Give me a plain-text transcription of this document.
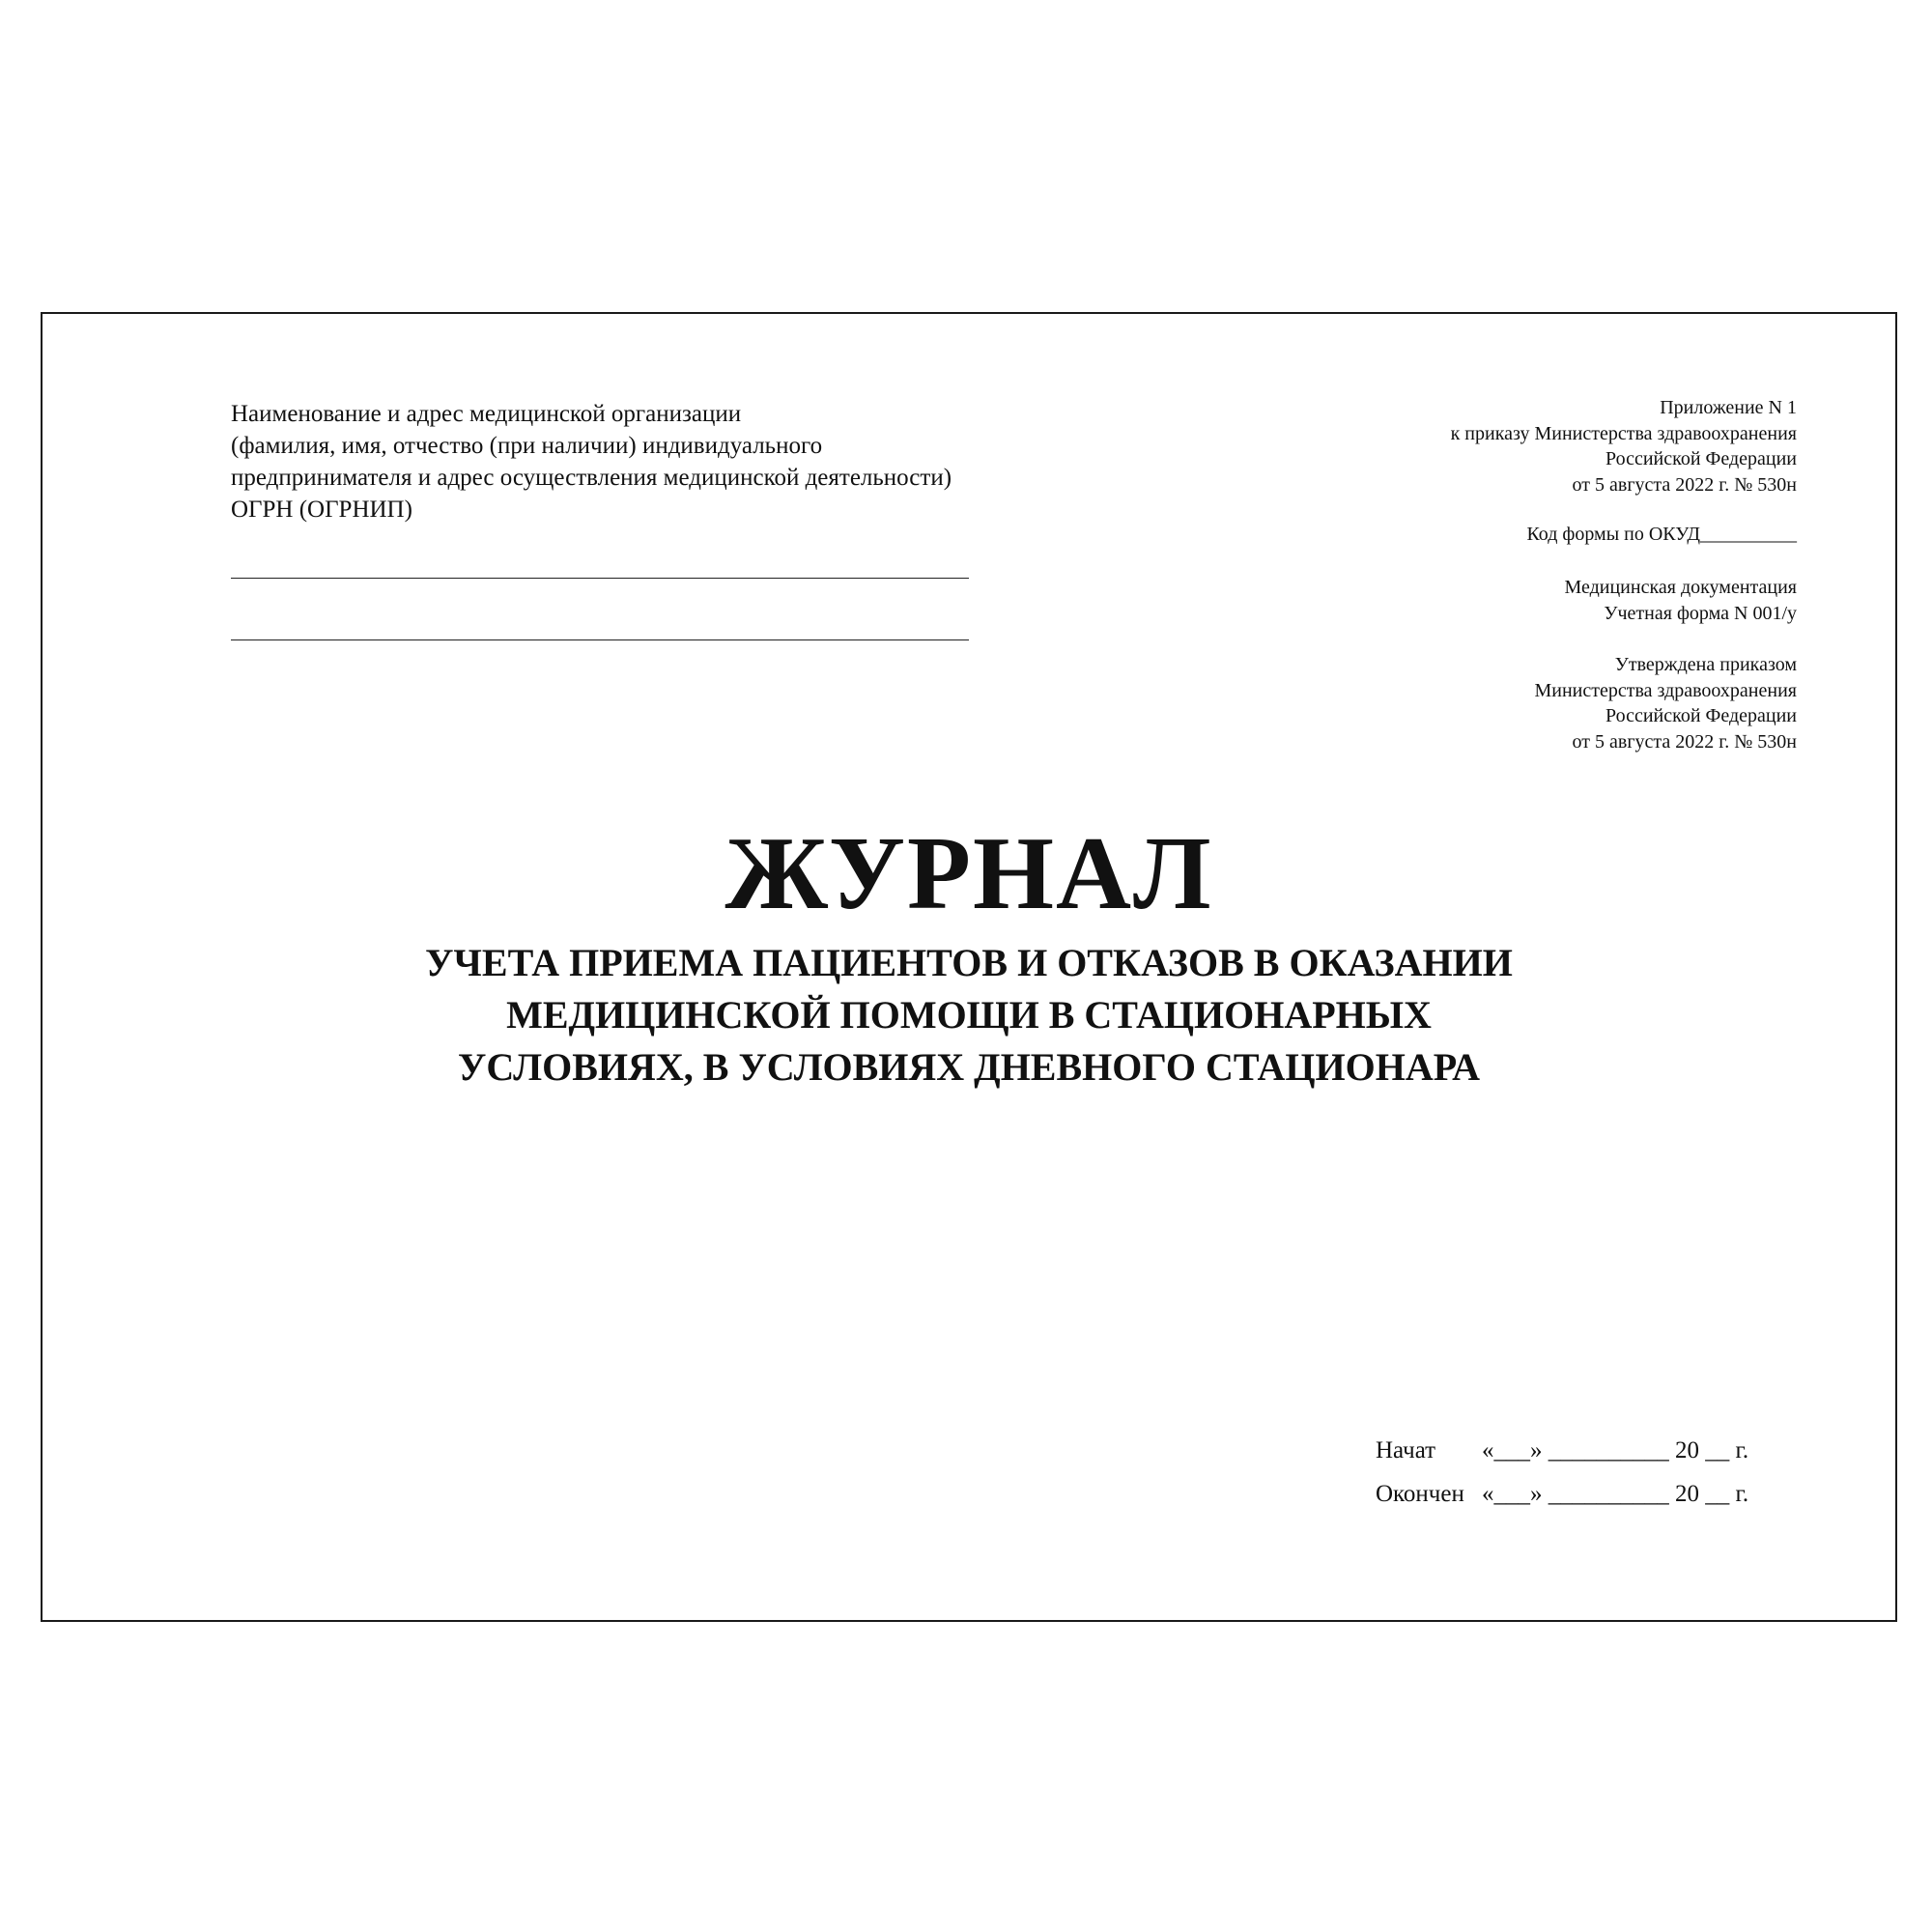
Наименование и адрес медицинской организации
(фамилия, имя, отчество (при наличии) индивидуального
предпринимателя и адрес осуществления медицинской деятельности)
ОГРН (ОГРНИП)
Приложение N 1
к приказу Министерства здравоохранения
Российской Федерации
от 5 августа 2022 г. № 530н
Код формы по ОКУД__________
Медицинская документация
Учетная форма N 001/у
Утверждена приказом
Министерства здравоохранения
Российской Федерации
от 5 августа 2022 г. № 530н
ЖУРНАЛ
УЧЕТА ПРИЕМА ПАЦИЕНТОВ И ОТКАЗОВ В ОКАЗАНИИ
МЕДИЦИНСКОЙ ПОМОЩИ В СТАЦИОНАРНЫХ
УСЛОВИЯХ, В УСЛОВИЯХ ДНЕВНОГО СТАЦИОНАРА
Начат	«___» __________ 20 __ г.
Окончен «___» __________ 20 __ г.
